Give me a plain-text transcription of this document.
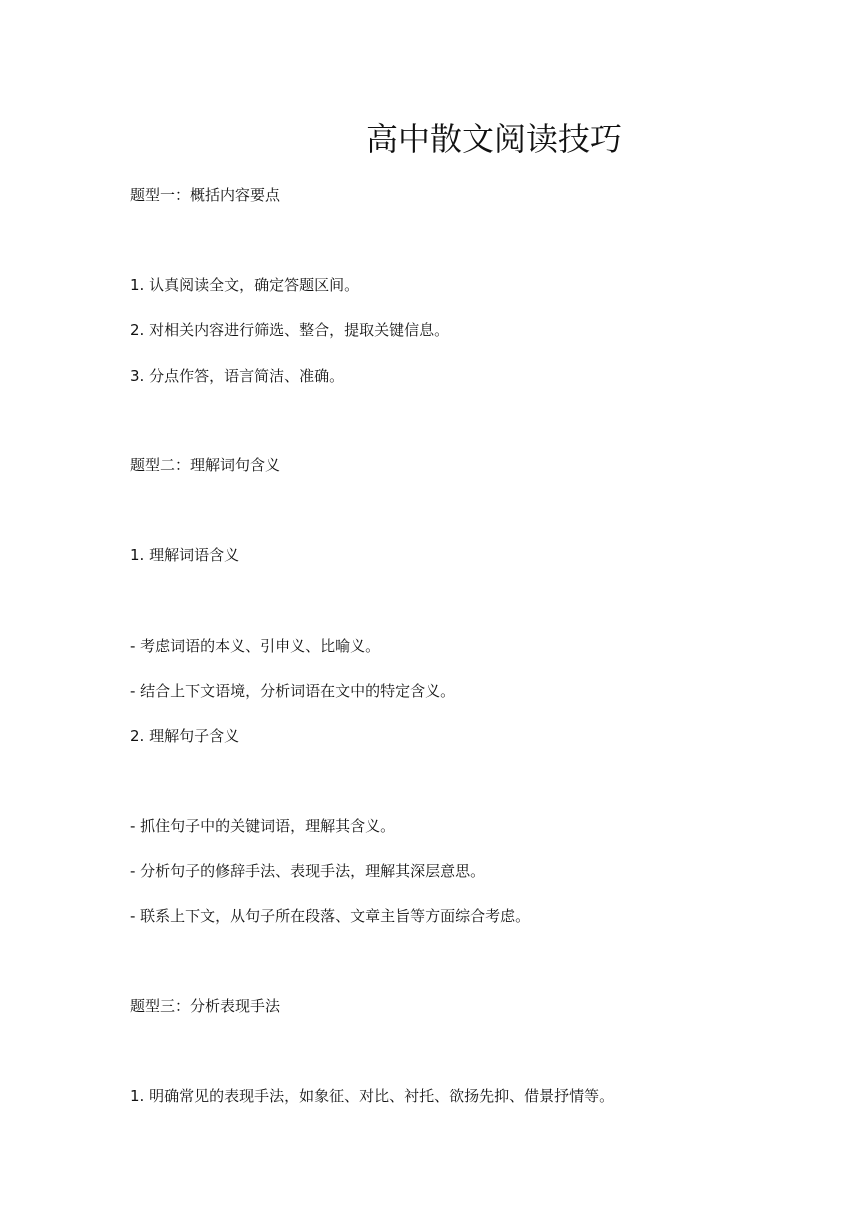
高中散文阅读技巧
题型一：概括内容要点
1. 认真阅读全文，确定答题区间。
2. 对相关内容进行筛选、整合，提取关键信息。
3. 分点作答，语言简洁、准确。
题型二：理解词句含义
1. 理解词语含义
- 考虑词语的本义、引申义、比喻义。
- 结合上下文语境，分析词语在文中的特定含义。
2. 理解句子含义
- 抓住句子中的关键词语，理解其含义。
- 分析句子的修辞手法、表现手法，理解其深层意思。
- 联系上下文，从句子所在段落、文章主旨等方面综合考虑。
题型三：分析表现手法
1. 明确常见的表现手法，如象征、对比、衬托、欲扬先抑、借景抒情等。
